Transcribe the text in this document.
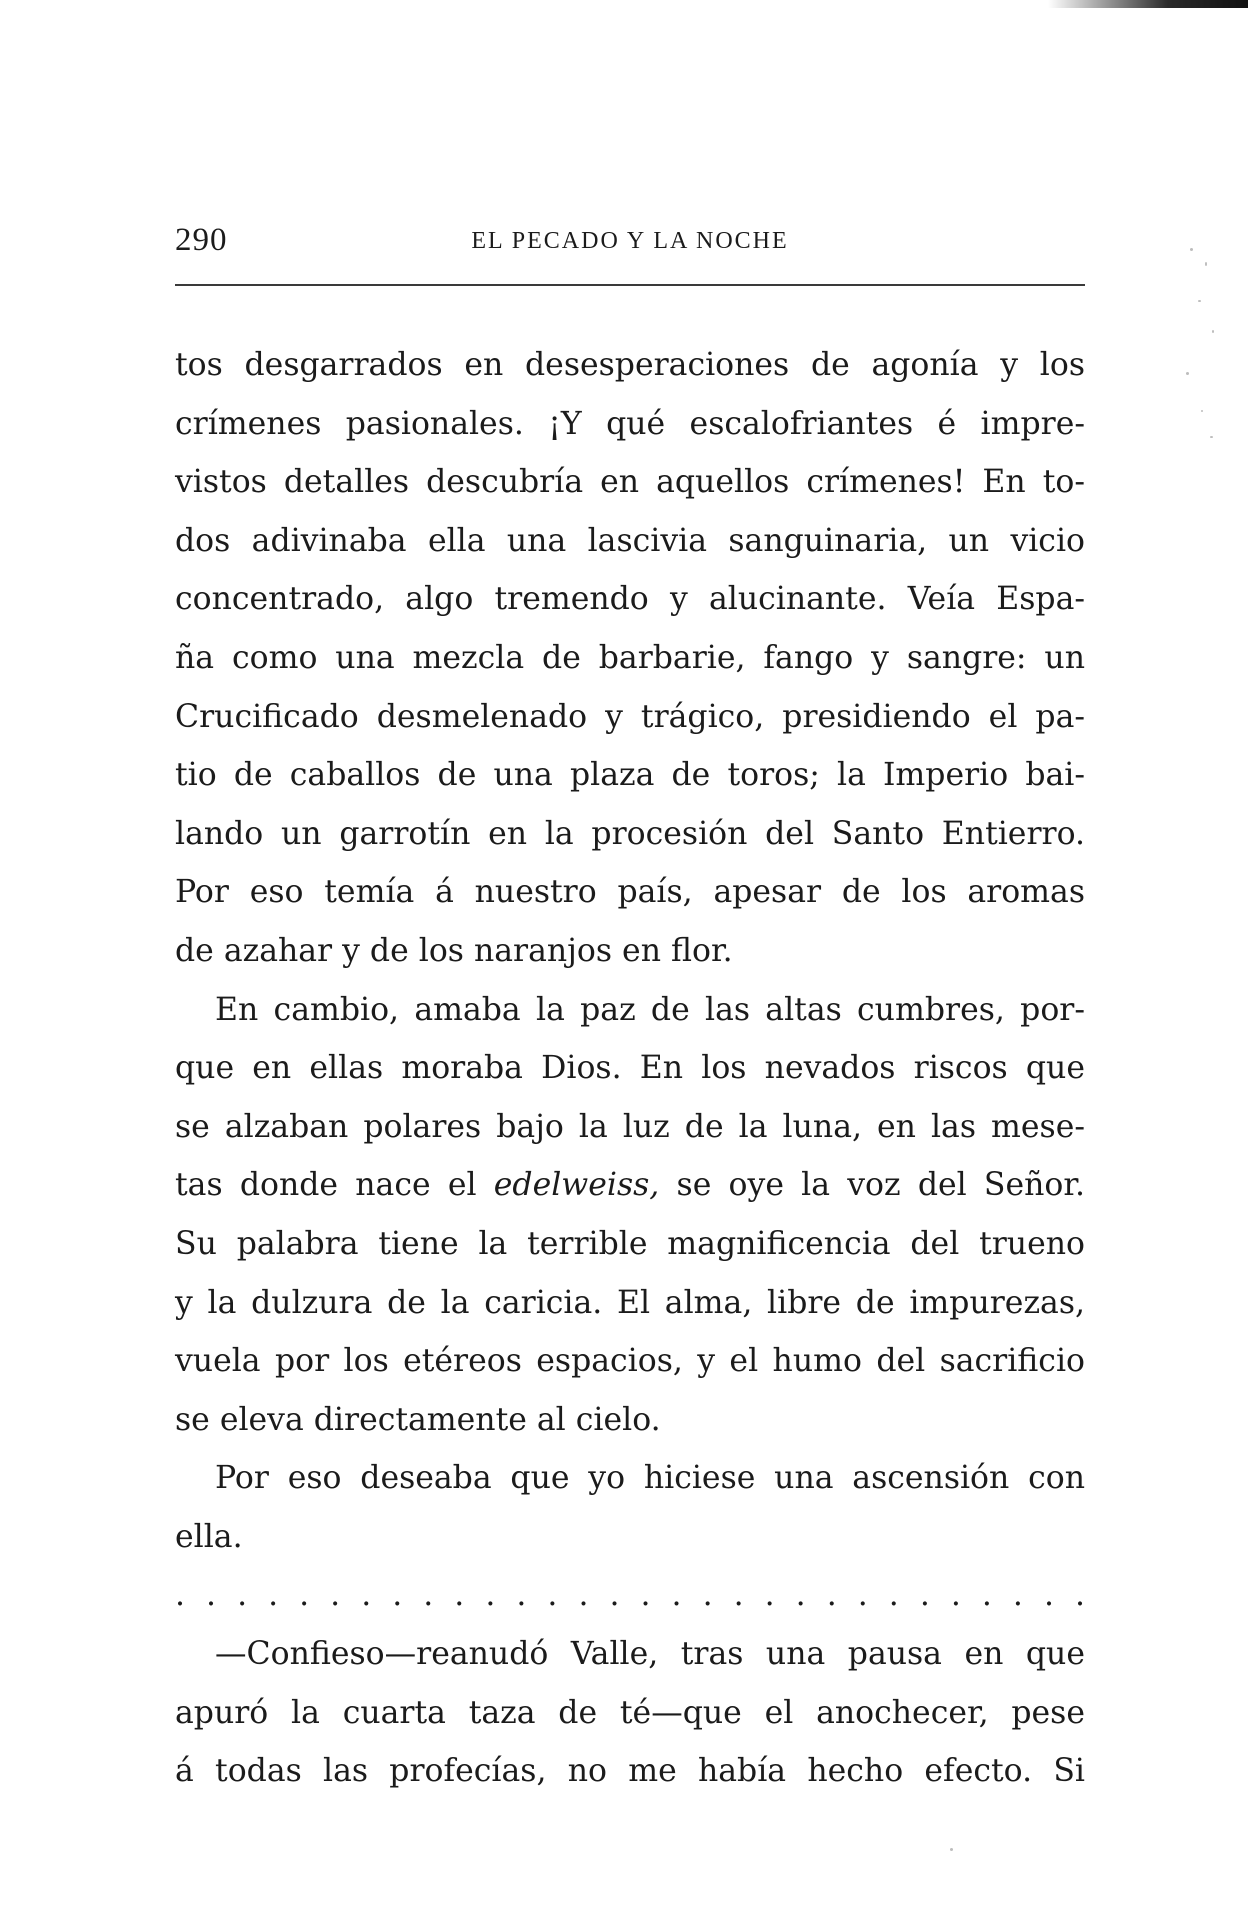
290	EL PECADO Y LA NOCHE
tos desgarrados en desesperaciones de agonía y los
crímenes pasionales. ¡Y qué escalofriantes é impre-
vistos detalles descubría en aquellos crímenes! En to-
dos adivinaba ella una lascivia sanguinaria, un vicio
concentrado, algo tremendo y alucinante. Veía Espa-
ña como una mezcla de barbarie, fango y sangre: un
Crucificado desmelenado y trágico, presidiendo el pa-
tio de caballos de una plaza de toros; la Imperio bai-
lando un garrotín en la procesión del Santo Entierro.
Por eso temía á nuestro país, apesar de los aromas
de azahar y de los naranjos en flor.
En cambio, amaba la paz de las altas cumbres, por-
que en ellas moraba Dios. En los nevados riscos que
se alzaban polares bajo la luz de la luna, en las mese-
tas donde nace el edelweiss, se oye la voz del Señor.
Su palabra tiene la terrible magnificencia del trueno
y la dulzura de la caricia. El alma, libre de impurezas,
vuela por los etéreos espacios, y el humo del sacrificio
se eleva directamente al cielo.
Por eso deseaba que yo hiciese una ascensión con
ella.
. . . . . . . . . . . . . . . . . . . . . . . . . . . . . .
—Confieso—reanudó Valle, tras una pausa en que
apuró la cuarta taza de té—que el anochecer, pese
á todas las profecías, no me había hecho efecto. Si
